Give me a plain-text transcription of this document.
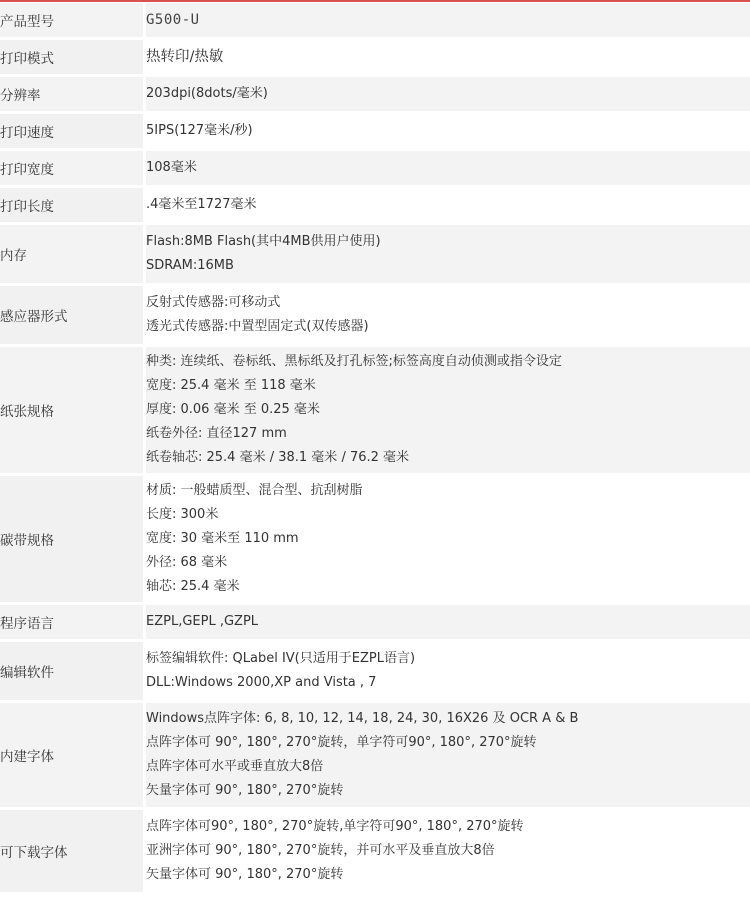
产品型号		G500-U

打印模式		热转印/热敏

分辨率		203dpi(8dots/毫米)

打印速度		5IPS(127毫米/秒)

打印宽度		108毫米

打印长度		.4毫米至1727毫米

内存		Flash:8MB Flash(其中4MB供用户使用)
SDRAM:16MB

感应器形式		反射式传感器:可移动式
透光式传感器:中置型固定式(双传感器)

纸张规格		种类: 连续纸、卷标纸、黑标纸及打孔标签;标签高度自动侦测或指令设定
宽度: 25.4 毫米 至 118 毫米
厚度: 0.06 毫米 至 0.25 毫米
纸卷外径: 直径127 mm
纸卷轴芯: 25.4 毫米 / 38.1 毫米 / 76.2 毫米

碳带规格		材质: 一般蜡质型、混合型、抗刮树脂
长度: 300米
宽度: 30 毫米至 110 mm
外径: 68 毫米
轴芯: 25.4 毫米

程序语言		EZPL,GEPL ,GZPL

编辑软件		标签编辑软件: QLabel IV(只适用于EZPL语言)
DLL:Windows 2000,XP and Vista , 7

内建字体		Windows点阵字体: 6, 8, 10, 12, 14, 18, 24, 30, 16X26 及 OCR A & B
点阵字体可 90°, 180°, 270°旋转，单字符可90°, 180°, 270°旋转
点阵字体可水平或垂直放大8倍
矢量字体可 90°, 180°, 270°旋转

可下载字体		点阵字体可90°, 180°, 270°旋转,单字符可90°, 180°, 270°旋转
亚洲字体可 90°, 180°, 270°旋转，并可水平及垂直放大8倍
矢量字体可 90°, 180°, 270°旋转
